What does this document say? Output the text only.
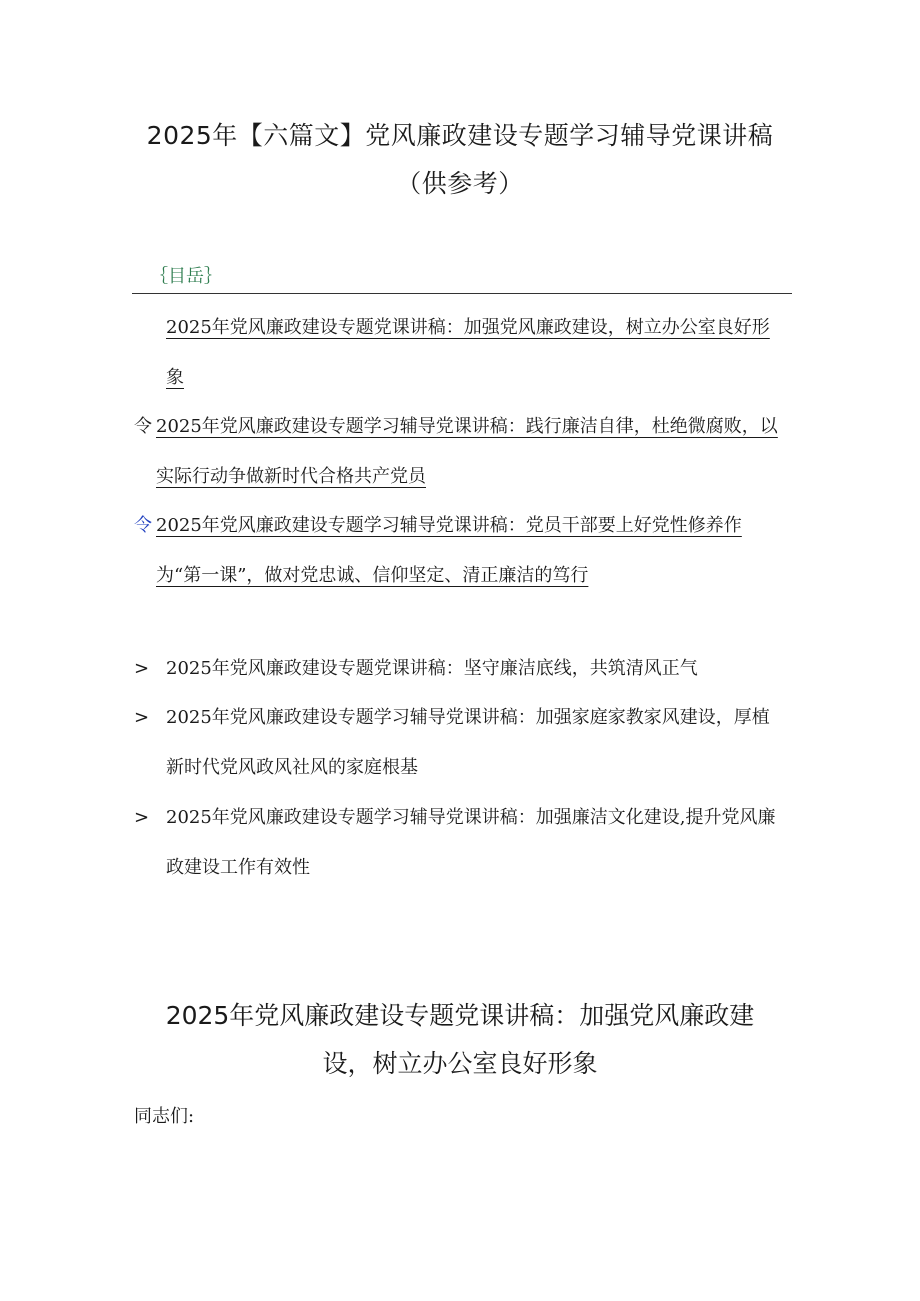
2025年【六篇文】党风廉政建设专题学习辅导党课讲稿
（供参考）
｛目岳｝
2025年党风廉政建设专题党课讲稿：加强党风廉政建设，树立办公室良好形象
令 2025年党风廉政建设专题学习辅导党课讲稿：践行廉洁自律，杜绝微腐败，以实际行动争做新时代合格共产党员
令 2025年党风廉政建设专题学习辅导党课讲稿：党员干部要上好党性修养作为“第一课”，做对党忠诚、信仰坚定、清正廉洁的笃行
> 2025年党风廉政建设专题党课讲稿：坚守廉洁底线，共筑清风正气
> 2025年党风廉政建设专题学习辅导党课讲稿：加强家庭家教家风建设，厚植新时代党风政风社风的家庭根基
> 2025年党风廉政建设专题学习辅导党课讲稿：加强廉洁文化建设,提升党风廉政建设工作有效性
2025年党风廉政建设专题党课讲稿：加强党风廉政建
设，树立办公室良好形象
同志们:
